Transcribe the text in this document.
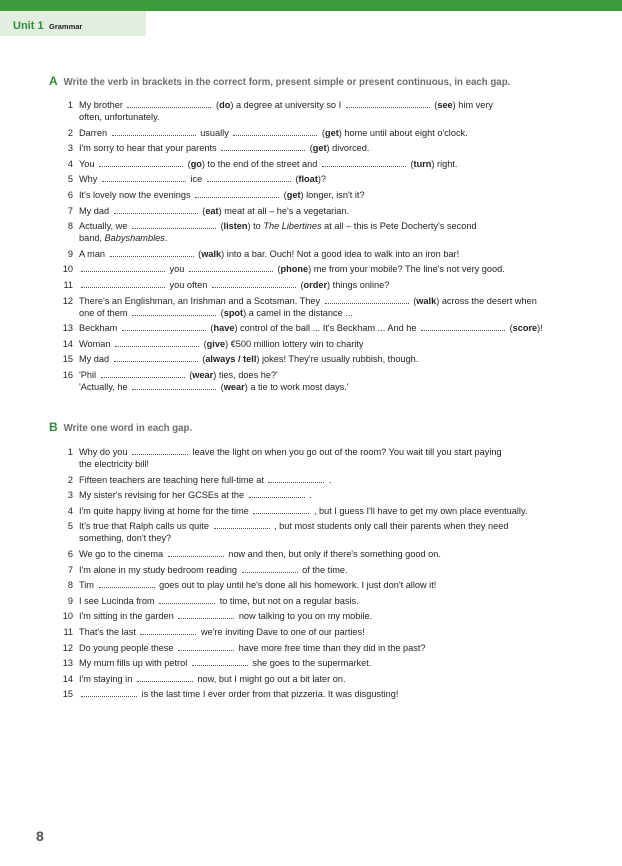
Unit 1 Grammar
A Write the verb in brackets in the correct form, present simple or present continuous, in each gap.
1 My brother	(do) a degree at university so I	(see) him very
often, unfortunately.
2 Darren	usually	(get) home until about eight o'clock.
3 I'm sorry to hear that your parents	(get) divorced.
4 You	(go) to the end of the street and	(turn) right.
5 Why	ice	(float)?
6 It's lovely now the evenings	(get) longer, isn't it?
7 My dad	(eat) meat at all – he's a vegetarian.
8 Actually, we	(listen) to The Libertines at all – this is Pete Docherty's second
band, Babyshambles.
9 A man	(walk) into a bar. Ouch! Not a good idea to walk into an iron bar!
10	you	(phone) me from your mobile? The line's not very good.
11	you often	(order) things online?
12 There's an Englishman, an Irishman and a Scotsman. They	(walk) across the desert when
one of them	(spot) a camel in the distance ...
13 Beckham	(have) control of the ball ... It's Beckham ... And he	(score)!
14 Woman	(give) €500 million lottery win to charity
15 My dad	(always / tell) jokes! They're usually rubbish, though.
16 'Phil	(wear) ties, does he?'
'Actually, he	(wear) a tie to work most days.'
B Write one word in each gap.
1 Why do you	leave the light on when you go out of the room? You wait till you start paying
the electricity bill!
2 Fifteen teachers are teaching here full-time at	.
3 My sister's revising for her GCSEs at the	.
4 I'm quite happy living at home for the time	, but I guess I'll have to get my own place eventually.
5 It's true that Ralph calls us quite	, but most students only call their parents when they need
something, don't they?
6 We go to the cinema	now and then, but only if there's something good on.
7 I'm alone in my study bedroom reading	of the time.
8 Tim	goes out to play until he's done all his homework. I just don't allow it!
9 I see Lucinda from	to time, but not on a regular basis.
10 I'm sitting in the garden	now talking to you on my mobile.
11 That's the last	we're inviting Dave to one of our parties!
12 Do young people these	have more free time than they did in the past?
13 My mum fills up with petrol	she goes to the supermarket.
14 I'm staying in	now, but I might go out a bit later on.
15	is the last time I ever order from that pizzeria. It was disgusting!
8
